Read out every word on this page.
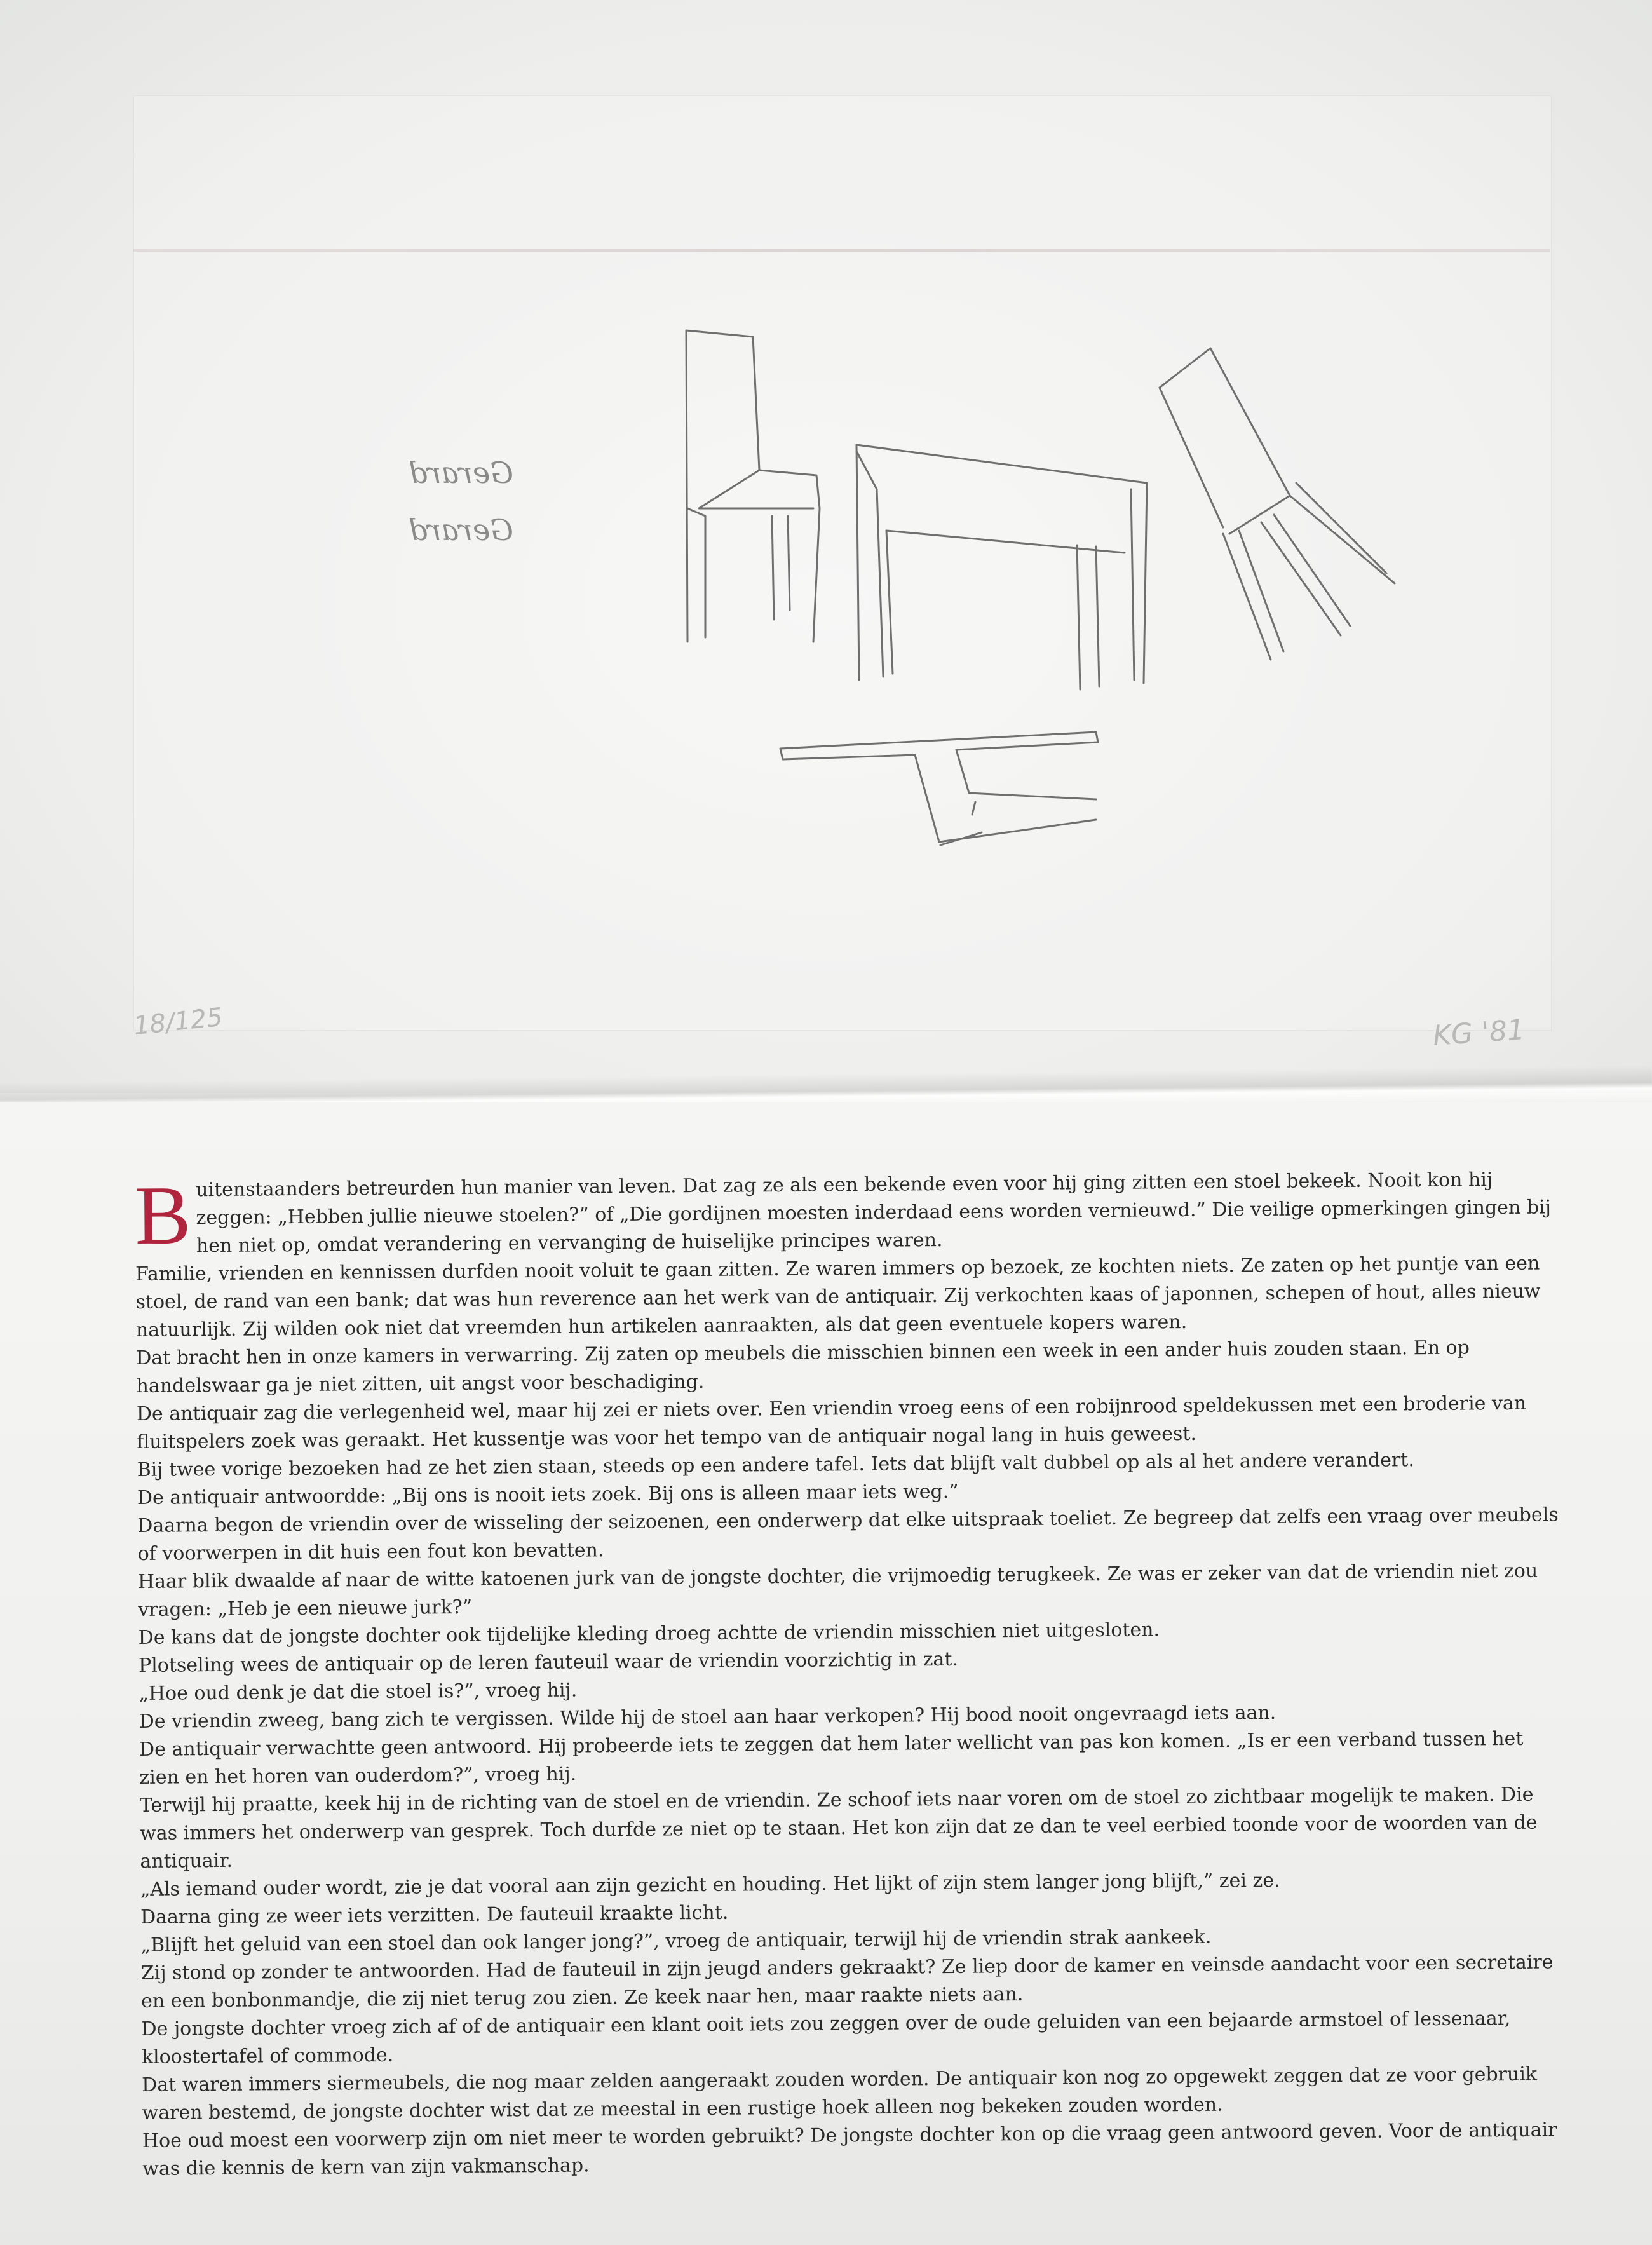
Gerard
Gerard
18/125	KG '81
B uitenstaanders betreurden hun manier van leven. Dat zag ze als een bekende even voor hij ging zitten een stoel bekeek. Nooit kon hij zeggen: „Hebben jullie nieuwe stoelen?” of „Die gordijnen moesten inderdaad eens worden vernieuwd.” Die veilige opmerkingen gingen bij hen niet op, omdat verandering en vervanging de huiselijke principes waren.

Familie, vrienden en kennissen durfden nooit voluit te gaan zitten. Ze waren immers op bezoek, ze kochten niets. Ze zaten op het puntje van een stoel, de rand van een bank; dat was hun reverence aan het werk van de antiquair. Zij verkochten kaas of japonnen, schepen of hout, alles nieuw natuurlijk. Zij wilden ook niet dat vreemden hun artikelen aanraakten, als dat geen eventuele kopers waren.

Dat bracht hen in onze kamers in verwarring. Zij zaten op meubels die misschien binnen een week in een ander huis zouden staan. En op handelswaar ga je niet zitten, uit angst voor beschadiging.

De antiquair zag die verlegenheid wel, maar hij zei er niets over. Een vriendin vroeg eens of een robijnrood speldekussen met een broderie van fluitspelers zoek was geraakt. Het kussentje was voor het tempo van de antiquair nogal lang in huis geweest.

Bij twee vorige bezoeken had ze het zien staan, steeds op een andere tafel. Iets dat blijft valt dubbel op als al het andere verandert.

De antiquair antwoordde: „Bij ons is nooit iets zoek. Bij ons is alleen maar iets weg.”

Daarna begon de vriendin over de wisseling der seizoenen, een onderwerp dat elke uitspraak toeliet. Ze begreep dat zelfs een vraag over meubels of voorwerpen in dit huis een fout kon bevatten.

Haar blik dwaalde af naar de witte katoenen jurk van de jongste dochter, die vrijmoedig terugkeek. Ze was er zeker van dat de vriendin niet zou vragen: „Heb je een nieuwe jurk?”

De kans dat de jongste dochter ook tijdelijke kleding droeg achtte de vriendin misschien niet uitgesloten.

Plotseling wees de antiquair op de leren fauteuil waar de vriendin voorzichtig in zat.

„Hoe oud denk je dat die stoel is?”, vroeg hij.

De vriendin zweeg, bang zich te vergissen. Wilde hij de stoel aan haar verkopen? Hij bood nooit ongevraagd iets aan.

De antiquair verwachtte geen antwoord. Hij probeerde iets te zeggen dat hem later wellicht van pas kon komen. „Is er een verband tussen het zien en het horen van ouderdom?”, vroeg hij.

Terwijl hij praatte, keek hij in de richting van de stoel en de vriendin. Ze schoof iets naar voren om de stoel zo zichtbaar mogelijk te maken. Die was immers het onderwerp van gesprek. Toch durfde ze niet op te staan. Het kon zijn dat ze dan te veel eerbied toonde voor de woorden van de antiquair.

„Als iemand ouder wordt, zie je dat vooral aan zijn gezicht en houding. Het lijkt of zijn stem langer jong blijft,” zei ze.

Daarna ging ze weer iets verzitten. De fauteuil kraakte licht.

„Blijft het geluid van een stoel dan ook langer jong?”, vroeg de antiquair, terwijl hij de vriendin strak aankeek.

Zij stond op zonder te antwoorden. Had de fauteuil in zijn jeugd anders gekraakt? Ze liep door de kamer en veinsde aandacht voor een secretaire en een bonbonmandje, die zij niet terug zou zien. Ze keek naar hen, maar raakte niets aan.

De jongste dochter vroeg zich af of de antiquair een klant ooit iets zou zeggen over de oude geluiden van een bejaarde armstoel of lessenaar, kloostertafel of commode.

Dat waren immers siermeubels, die nog maar zelden aangeraakt zouden worden. De antiquair kon nog zo opgewekt zeggen dat ze voor gebruik waren bestemd, de jongste dochter wist dat ze meestal in een rustige hoek alleen nog bekeken zouden worden.

Hoe oud moest een voorwerp zijn om niet meer te worden gebruikt? De jongste dochter kon op die vraag geen antwoord geven. Voor de antiquair was die kennis de kern van zijn vakmanschap.
